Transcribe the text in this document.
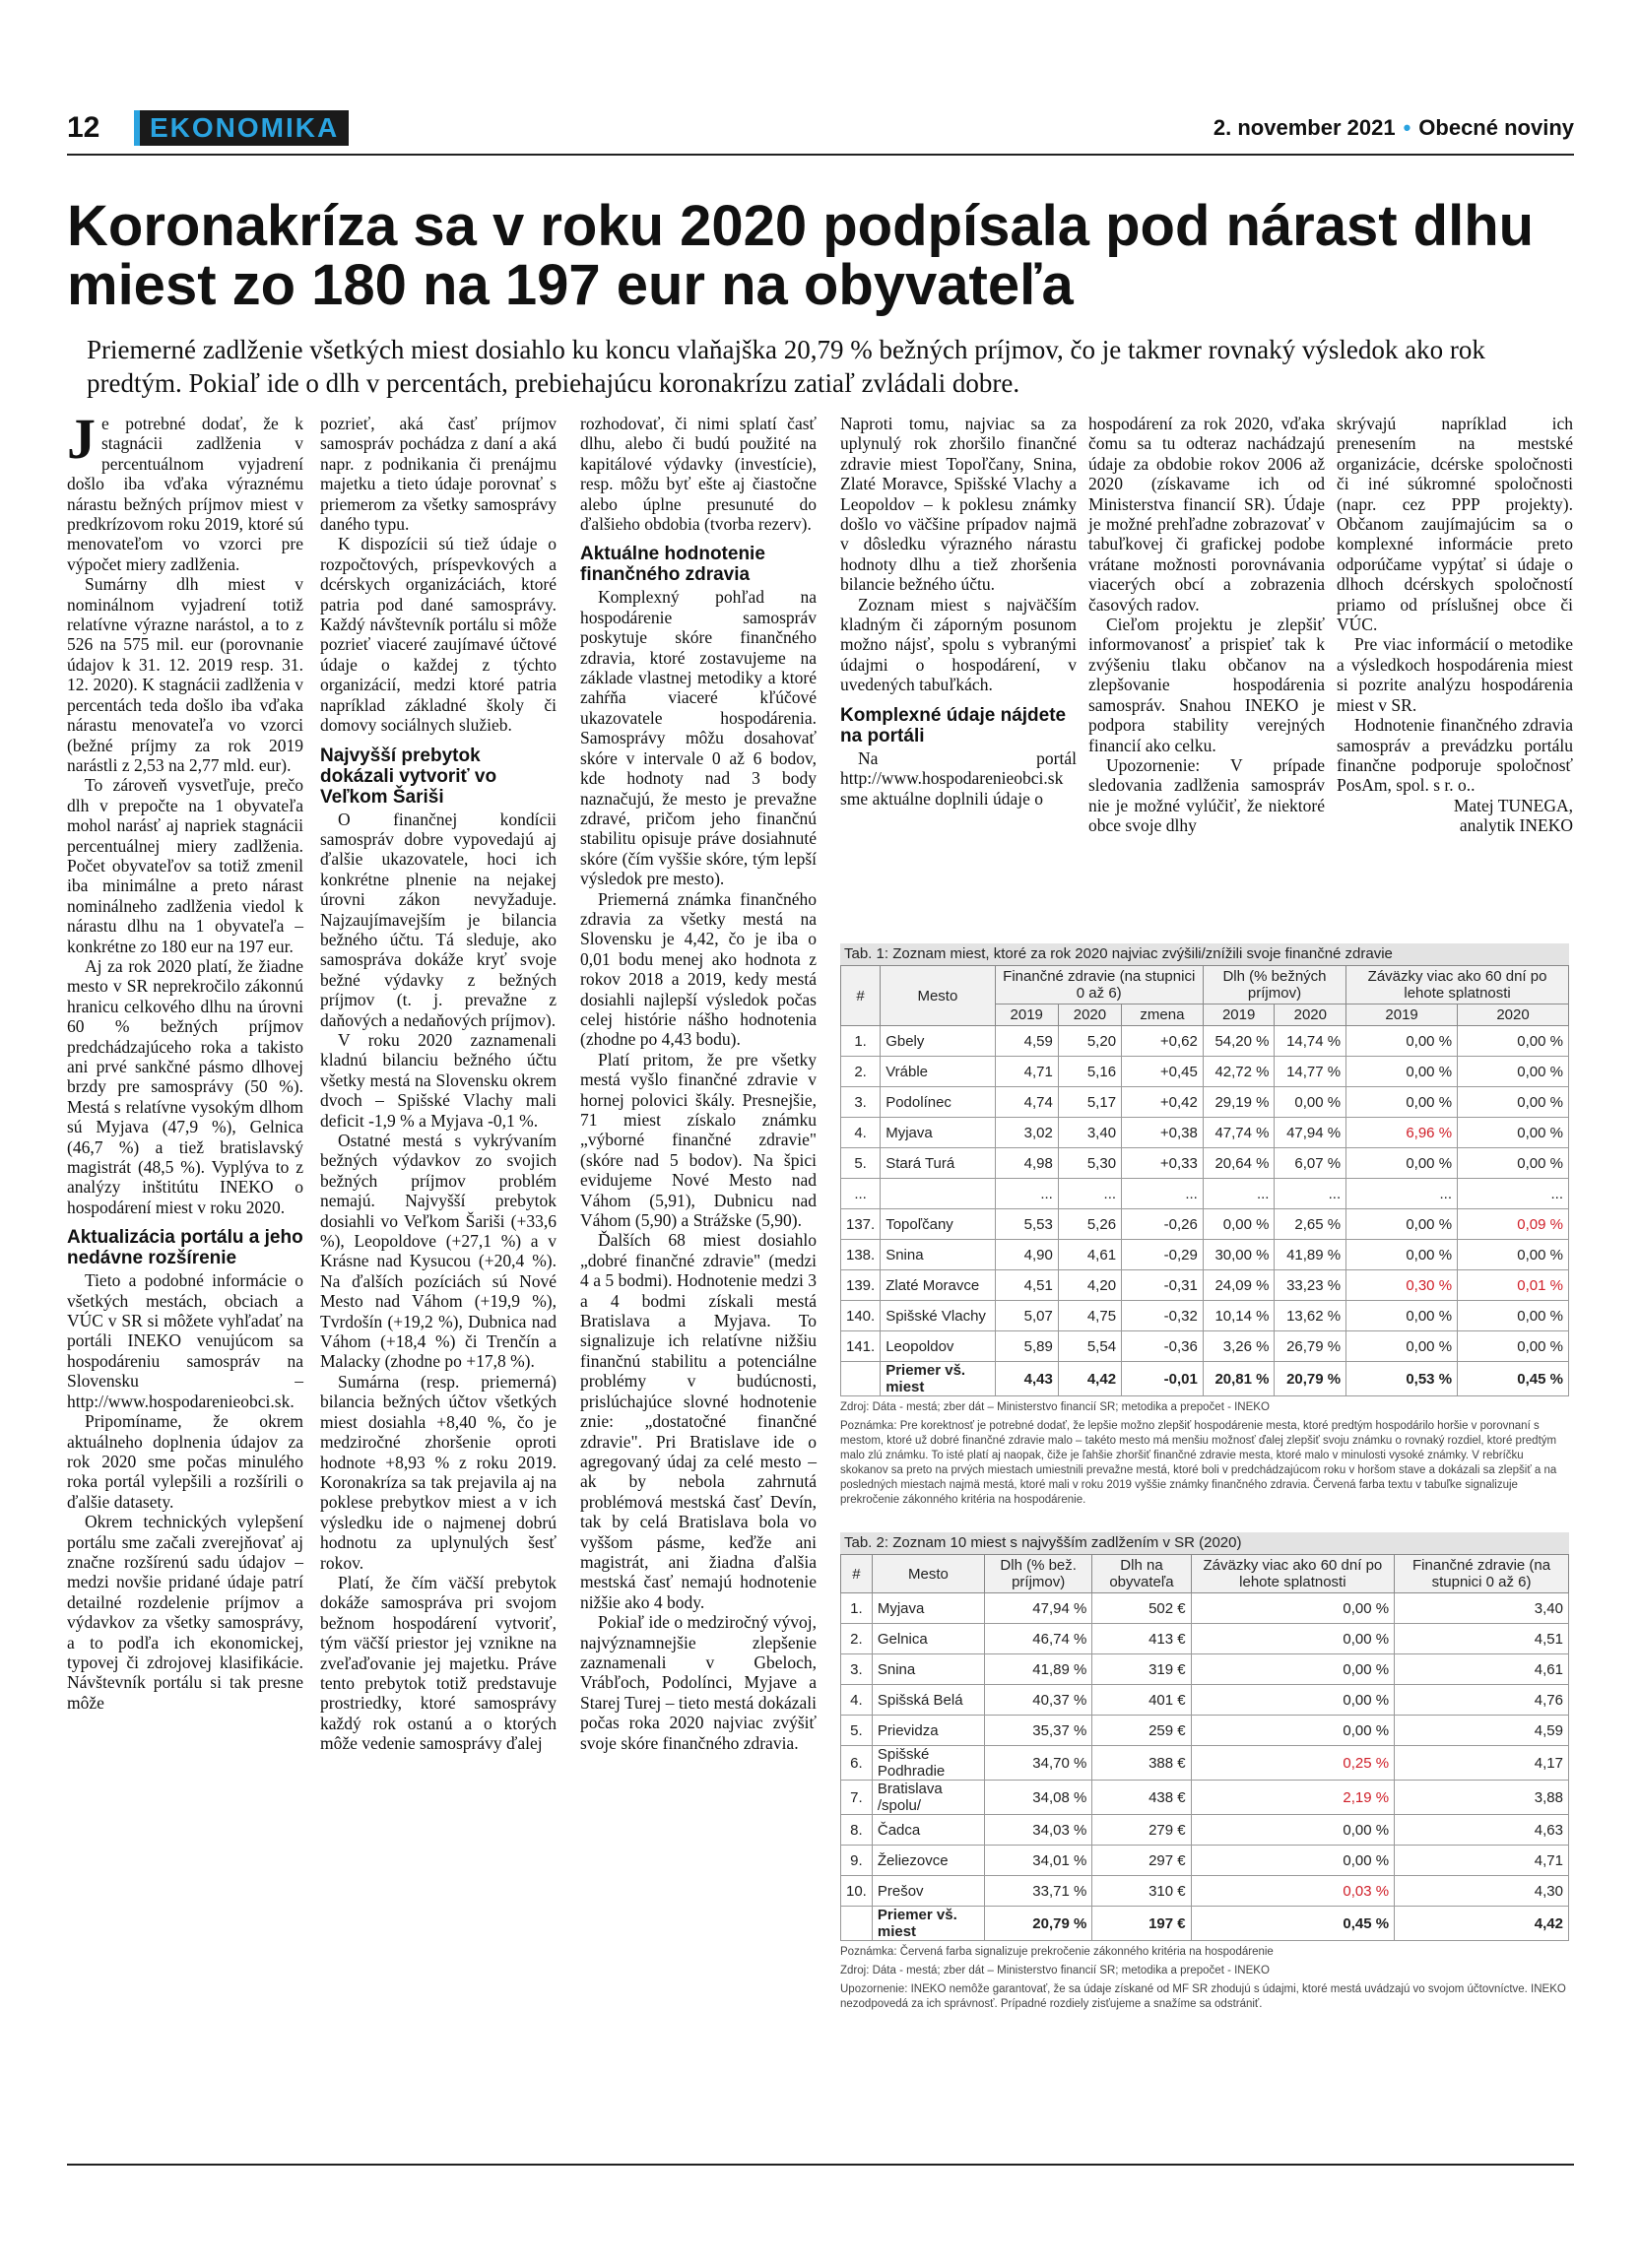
12	EKONOMIKA	2. november 2021 • Obecné noviny
Koronakríza sa v roku 2020 podpísala pod nárast dlhu miest zo 180 na 197 eur na obyvateľa

Priemerné zadlženie všetkých miest dosiahlo ku koncu vlaňajška 20,79 % bežných príjmov, čo je takmer rovnaký výsledok ako rok predtým. Pokiaľ ide o dlh v percentách, prebiehajúcu koronakrízu zatiaľ zvládali dobre.

Je potrebné dodať, že k stagnácii zadlženia v percentuálnom vyjadrení došlo iba vďaka výraznému nárastu bežných príjmov miest v predkrízovom roku 2019, ktoré sú menovateľom vo vzorci pre výpočet miery zadlženia.

Sumárny dlh miest v nominálnom vyjadrení totiž relatívne výrazne narástol, a to z 526 na 575 mil. eur (porovnanie údajov k 31. 12. 2019 resp. 31. 12. 2020). K stagnácii zadlženia v percentách teda došlo iba vďaka nárastu menovateľa vo vzorci (bežné príjmy za rok 2019 narástli z 2,53 na 2,77 mld. eur).

To zároveň vysvetľuje, prečo dlh v prepočte na 1 obyvateľa mohol narásť aj napriek stagnácii percentuálnej miery zadlženia. Počet obyvateľov sa totiž zmenil iba minimálne a preto nárast nominálneho zadlženia viedol k nárastu dlhu na 1 obyvateľa – konkrétne zo 180 eur na 197 eur.

Aj za rok 2020 platí, že žiadne mesto v SR neprekročilo zákonnú hranicu celkového dlhu na úrovni 60 % bežných príjmov predchádzajúceho roka a takisto ani prvé sankčné pásmo dlhovej brzdy pre samosprávy (50 %). Mestá s relatívne vysokým dlhom sú Myjava (47,9 %), Gelnica (46,7 %) a tiež bratislavský magistrát (48,5 %). Vyplýva to z analýzy inštitútu INEKO o hospodárení miest v roku 2020.

Aktualizácia portálu a jeho nedávne rozšírenie

Tieto a podobné informácie o všetkých mestách, obciach a VÚC v SR si môžete vyhľadať na portáli INEKO venujúcom sa hospodáreniu samospráv na Slovensku – http://www.hospodarenieobci.sk.

Pripomíname, že okrem aktuálneho doplnenia údajov za rok 2020 sme počas minulého roka portál vylepšili a rozšírili o ďalšie datasety.

Okrem technických vylepšení portálu sme začali zverejňovať aj značne rozšírenú sadu údajov – medzi novšie pridané údaje patrí detailné rozdelenie príjmov a výdavkov za všetky samosprávy, a to podľa ich ekonomickej, typovej či zdrojovej klasifikácie. Návštevník portálu si tak presne môže

pozrieť, aká časť príjmov samospráv pochádza z daní a aká napr. z podnikania či prenájmu majetku a tieto údaje porovnať s priemerom za všetky samosprávy daného typu.

K dispozícii sú tiež údaje o rozpočtových, príspevkových a dcérskych organizáciách, ktoré patria pod dané samosprávy. Každý návštevník portálu si môže pozrieť viaceré zaujímavé účtové údaje o každej z týchto organizácií, medzi ktoré patria napríklad základné školy či domovy sociálnych služieb.

Najvyšší prebytok dokázali vytvoriť vo Veľkom Šariši

O finančnej kondícii samospráv dobre vypovedajú aj ďalšie ukazovatele, hoci ich konkrétne plnenie na nejakej úrovni zákon nevyžaduje. Najzaujímavejším je bilancia bežného účtu. Tá sleduje, ako samospráva dokáže kryť svoje bežné výdavky z bežných príjmov (t. j. prevažne z daňových a nedaňových príjmov).

V roku 2020 zaznamenali kladnú bilanciu bežného účtu všetky mestá na Slovensku okrem dvoch – Spišské Vlachy mali deficit -1,9 % a Myjava -0,1 %.

Ostatné mestá s vykrývaním bežných výdavkov zo svojich bežných príjmov problém nemajú. Najvyšší prebytok dosiahli vo Veľkom Šariši (+33,6 %), Leopoldove (+27,1 %) a v Krásne nad Kysucou (+20,4 %). Na ďalších pozíciách sú Nové Mesto nad Váhom (+19,9 %), Tvrdošín (+19,2 %), Dubnica nad Váhom (+18,4 %) či Trenčín a Malacky (zhodne po +17,8 %).

Sumárna (resp. priemerná) bilancia bežných účtov všetkých miest dosiahla +8,40 %, čo je medziročné zhoršenie oproti hodnote +8,93 % z roku 2019. Koronakríza sa tak prejavila aj na poklese prebytkov miest a v ich výsledku ide o najmenej dobrú hodnotu za uplynulých šesť rokov.

Platí, že čím väčší prebytok dokáže samospráva pri svojom bežnom hospodárení vytvoriť, tým väčší priestor jej vznikne na zveľaďovanie jej majetku. Práve tento prebytok totiž predstavuje prostriedky, ktoré samosprávy každý rok ostanú a o ktorých môže vedenie samosprávy ďalej

rozhodovať, či nimi splatí časť dlhu, alebo či budú použité na kapitálové výdavky (investície), resp. môžu byť ešte aj čiastočne alebo úplne presunuté do ďalšieho obdobia (tvorba rezerv).

Aktuálne hodnotenie finančného zdravia

Komplexný pohľad na hospodárenie samospráv poskytuje skóre finančného zdravia, ktoré zostavujeme na základe vlastnej metodiky a ktoré zahŕňa viaceré kľúčové ukazovatele hospodárenia. Samosprávy môžu dosahovať skóre v intervale 0 až 6 bodov, kde hodnoty nad 3 body naznačujú, že mesto je prevažne zdravé, pričom jeho finančnú stabilitu opisuje práve dosiahnuté skóre (čím vyššie skóre, tým lepší výsledok pre mesto).

Priemerná známka finančného zdravia za všetky mestá na Slovensku je 4,42, čo je iba o 0,01 bodu menej ako hodnota z rokov 2018 a 2019, kedy mestá dosiahli najlepší výsledok počas celej histórie nášho hodnotenia (zhodne po 4,43 bodu).

Platí pritom, že pre všetky mestá vyšlo finančné zdravie v hornej polovici škály. Presnejšie, 71 miest získalo známku „výborné finančné zdravie" (skóre nad 5 bodov). Na špici evidujeme Nové Mesto nad Váhom (5,91), Dubnicu nad Váhom (5,90) a Strážske (5,90).

Ďalších 68 miest dosiahlo „dobré finančné zdravie" (medzi 4 a 5 bodmi). Hodnotenie medzi 3 a 4 bodmi získali mestá Bratislava a Myjava. To signalizuje ich relatívne nižšiu finančnú stabilitu a potenciálne problémy v budúcnosti, prislúchajúce slovné hodnotenie znie: „dostatočné finančné zdravie". Pri Bratislave ide o agregovaný údaj za celé mesto – ak by nebola zahrnutá problémová mestská časť Devín, tak by celá Bratislava bola vo vyššom pásme, keďže ani magistrát, ani žiadna ďalšia mestská časť nemajú hodnotenie nižšie ako 4 body.

Pokiaľ ide o medziročný vývoj, najvýznamnejšie zlepšenie zaznamenali v Gbeloch, Vrábľoch, Podolínci, Myjave a Starej Turej – tieto mestá dokázali počas roka 2020 najviac zvýšiť svoje skóre finančného zdravia.

Naproti tomu, najviac sa za uplynulý rok zhoršilo finančné zdravie miest Topoľčany, Snina, Zlaté Moravce, Spišské Vlachy a Leopoldov – k poklesu známky došlo vo väčšine prípadov najmä v dôsledku výrazného nárastu hodnoty dlhu a tiež zhoršenia bilancie bežného účtu.

Zoznam miest s najväčším kladným či záporným posunom možno nájsť, spolu s vybranými údajmi o hospodárení, v uvedených tabuľkách.

Komplexné údaje nájdete na portáli

Na portál http://www.hospodarenieobci.sk sme aktuálne doplnili údaje o

hospodárení za rok 2020, vďaka čomu sa tu odteraz nachádzajú údaje za obdobie rokov 2006 až 2020 (získavame ich od Ministerstva financií SR). Údaje je možné prehľadne zobrazovať v tabuľkovej či grafickej podobe vrátane možnosti porovnávania viacerých obcí a zobrazenia časových radov.

Cieľom projektu je zlepšiť informovanosť a prispieť tak k zvýšeniu tlaku občanov na zlepšovanie hospodárenia samospráv. Snahou INEKO je podpora stability verejných financií ako celku.

Upozornenie: V prípade sledovania zadlženia samospráv nie je možné vylúčiť, že niektoré obce svoje dlhy

skrývajú napríklad ich prenesením na mestské organizácie, dcérske spoločnosti či iné súkromné spoločnosti (napr. cez PPP projekty). Občanom zaujímajúcim sa o komplexné informácie preto odporúčame vypýtať si údaje o dlhoch dcérskych spoločností priamo od príslušnej obce či VÚC.

Pre viac informácií o metodike a výsledkoch hospodárenia miest si pozrite analýzu hospodárenia miest v SR.

Hodnotenie finančného zdravia samospráv a prevádzku portálu finančne podporuje spoločnosť PosAm, spol. s r. o..

Matej TUNEGA,

analytik INEKO

Tab. 1: Zoznam miest, ktoré za rok 2020 najviac zvýšili/znížili svoje finančné zdravie
#	Mesto	Finančné zdravie (na stupnici 0 až 6)			Dlh (% bežných príjmov)		Záväzky viac ako 60 dní po lehote splatnosti	
		2019	2020	zmena	2019	2020	2019	2020
1.	Gbely	4,59	5,20	+0,62	54,20 %	14,74 %	0,00 %	0,00 %
2.	Vráble	4,71	5,16	+0,45	42,72 %	14,77 %	0,00 %	0,00 %
3.	Podolínec	4,74	5,17	+0,42	29,19 %	0,00 %	0,00 %	0,00 %
4.	Myjava	3,02	3,40	+0,38	47,74 %	47,94 %	6,96 %	0,00 %
5.	Stará Turá	4,98	5,30	+0,33	20,64 %	6,07 %	0,00 %	0,00 %
...		...	...	...	...	...	...	...
137.	Topoľčany	5,53	5,26	-0,26	0,00 %	2,65 %	0,00 %	0,09 %
138.	Snina	4,90	4,61	-0,29	30,00 %	41,89 %	0,00 %	0,00 %
139.	Zlaté Moravce	4,51	4,20	-0,31	24,09 %	33,23 %	0,30 %	0,01 %
140.	Spišské Vlachy	5,07	4,75	-0,32	10,14 %	13,62 %	0,00 %	0,00 %
141.	Leopoldov	5,89	5,54	-0,36	3,26 %	26,79 %	0,00 %	0,00 %
	Priemer vš. miest	4,43	4,42	-0,01	20,81 %	20,79 %	0,53 %	0,45 %

Zdroj: Dáta - mestá; zber dát – Ministerstvo financií SR; metodika a prepočet - INEKO

Poznámka: Pre korektnosť je potrebné dodať, že lepšie možno zlepšiť hospodárenie mesta, ktoré predtým hospodárilo horšie v porovnaní s mestom, ktoré už dobré finančné zdravie malo – takéto mesto má menšiu možnosť ďalej zlepšiť svoju známku o rovnaký rozdiel, ktoré predtým malo zlú známku. To isté platí aj naopak, čiže je ľahšie zhoršiť finančné zdravie mesta, ktoré malo v minulosti vysoké známky. V rebríčku skokanov sa preto na prvých miestach umiestnili prevažne mestá, ktoré boli v predchádzajúcom roku v horšom stave a dokázali sa zlepšiť a na posledných miestach najmä mestá, ktoré mali v roku 2019 vyššie známky finančného zdravia. Červená farba textu v tabuľke signalizuje prekročenie zákonného kritéria na hospodárenie.

Tab. 2: Zoznam 10 miest s najvyšším zadlžením v SR (2020)
#	Mesto	Dlh (% bež. príjmov)	Dlh na obyvateľa	Záväzky viac ako 60 dní po lehote splatnosti	Finančné zdravie (na stupnici 0 až 6)
1.	Myjava	47,94 %	502 €	0,00 %	3,40
2.	Gelnica	46,74 %	413 €	0,00 %	4,51
3.	Snina	41,89 %	319 €	0,00 %	4,61
4.	Spišská Belá	40,37 %	401 €	0,00 %	4,76
5.	Prievidza	35,37 %	259 €	0,00 %	4,59
6.	Spišské Podhradie	34,70 %	388 €	0,25 %	4,17
7.	Bratislava /spolu/	34,08 %	438 €	2,19 %	3,88
8.	Čadca	34,03 %	279 €	0,00 %	4,63
9.	Želiezovce	34,01 %	297 €	0,00 %	4,71
10.	Prešov	33,71 %	310 €	0,03 %	4,30
	Priemer vš. miest	20,79 %	197 €	0,45 %	4,42

Poznámka: Červená farba signalizuje prekročenie zákonného kritéria na hospodárenie

Zdroj: Dáta - mestá; zber dát – Ministerstvo financií SR; metodika a prepočet - INEKO

Upozornenie: INEKO nemôže garantovať, že sa údaje získané od MF SR zhodujú s údajmi, ktoré mestá uvádzajú vo svojom účtovníctve. INEKO nezodpovedá za ich správnosť. Prípadné rozdiely zisťujeme a snažíme sa odstrániť.
